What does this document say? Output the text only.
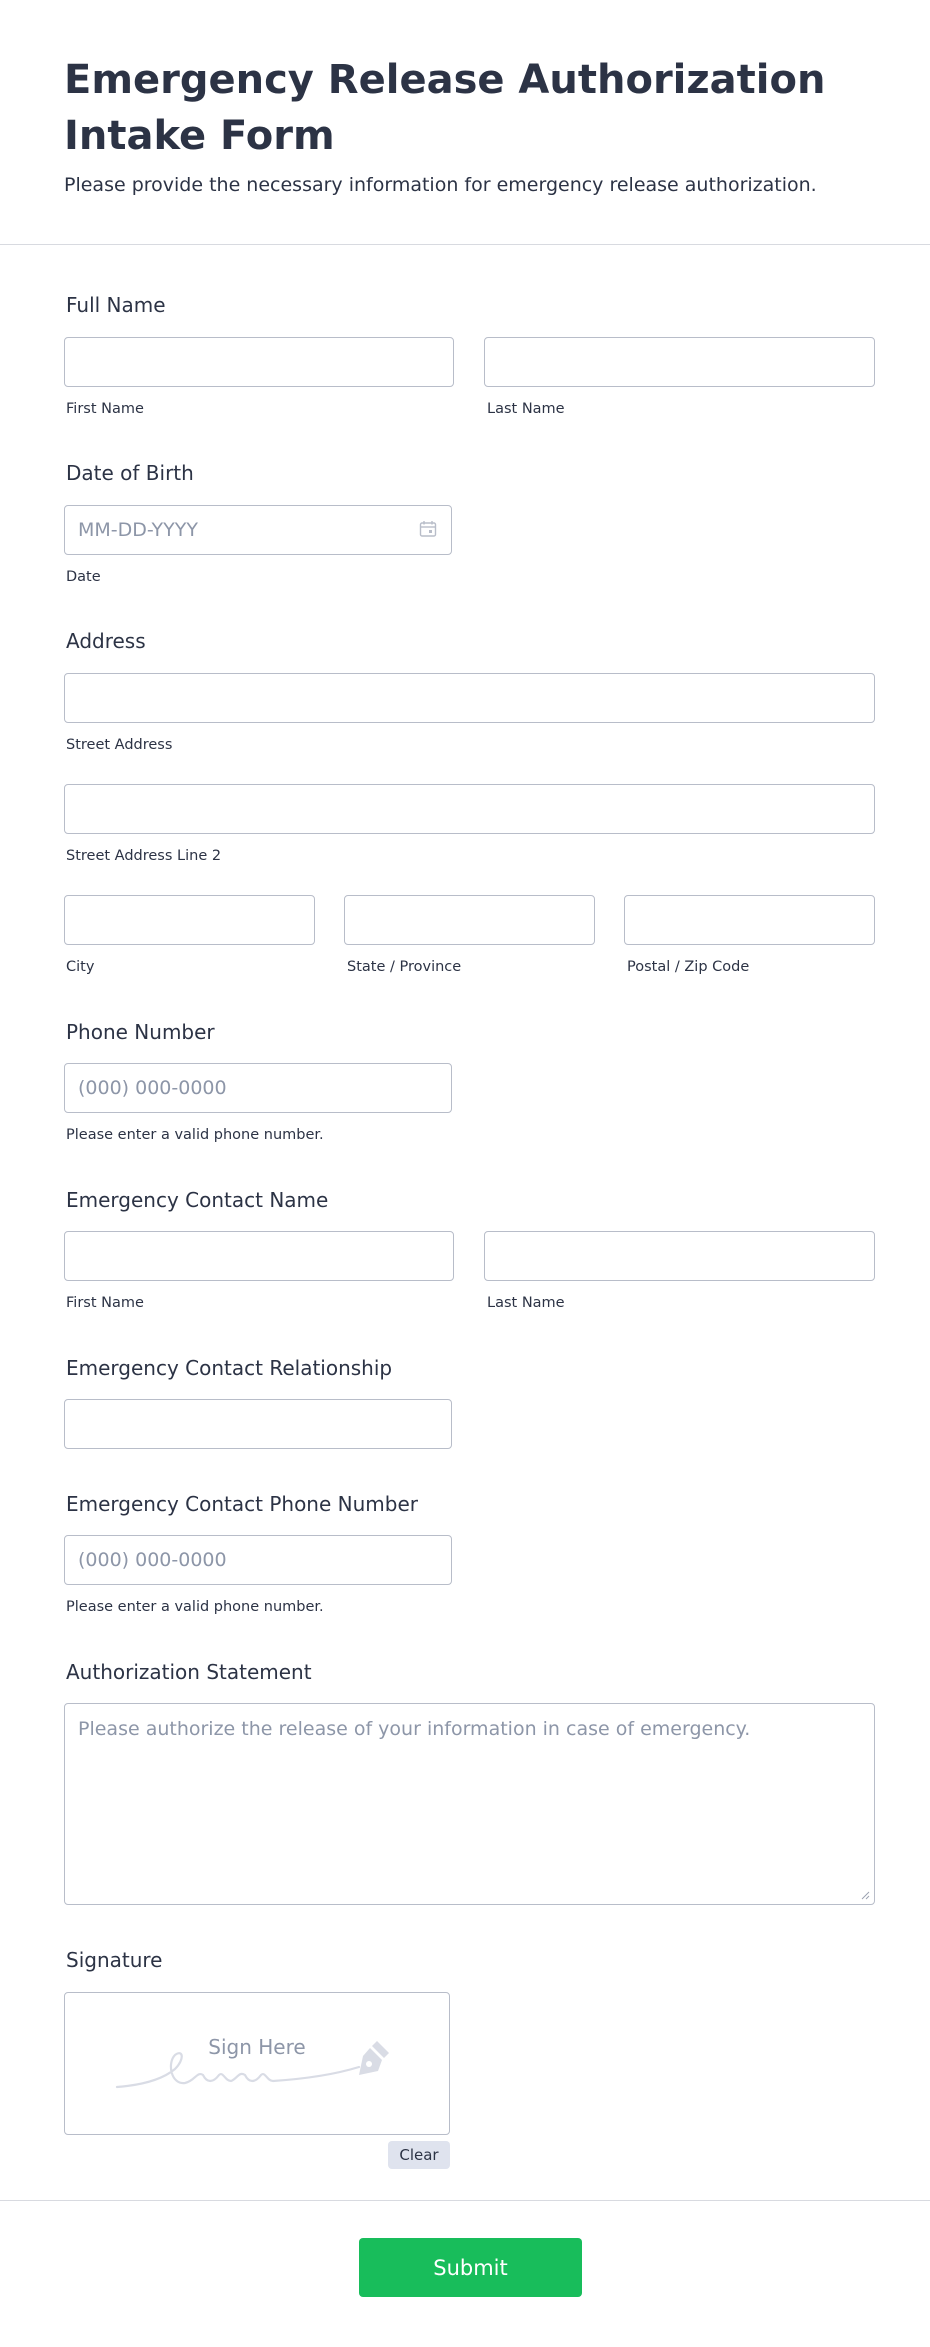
Emergency Release Authorization Intake Form
Please provide the necessary information for emergency release authorization.
Full Name
First Name	Last Name
Date of Birth
MM-DD-YYYY
Date
Address
Street Address
Street Address Line 2
City	State / Province	Postal / Zip Code
Phone Number
(000) 000-0000
Please enter a valid phone number.
Emergency Contact Name
First Name	Last Name
Emergency Contact Relationship
Emergency Contact Phone Number
(000) 000-0000
Please enter a valid phone number.
Authorization Statement
Please authorize the release of your information in case of emergency.
Signature
Sign Here
Clear
Submit
